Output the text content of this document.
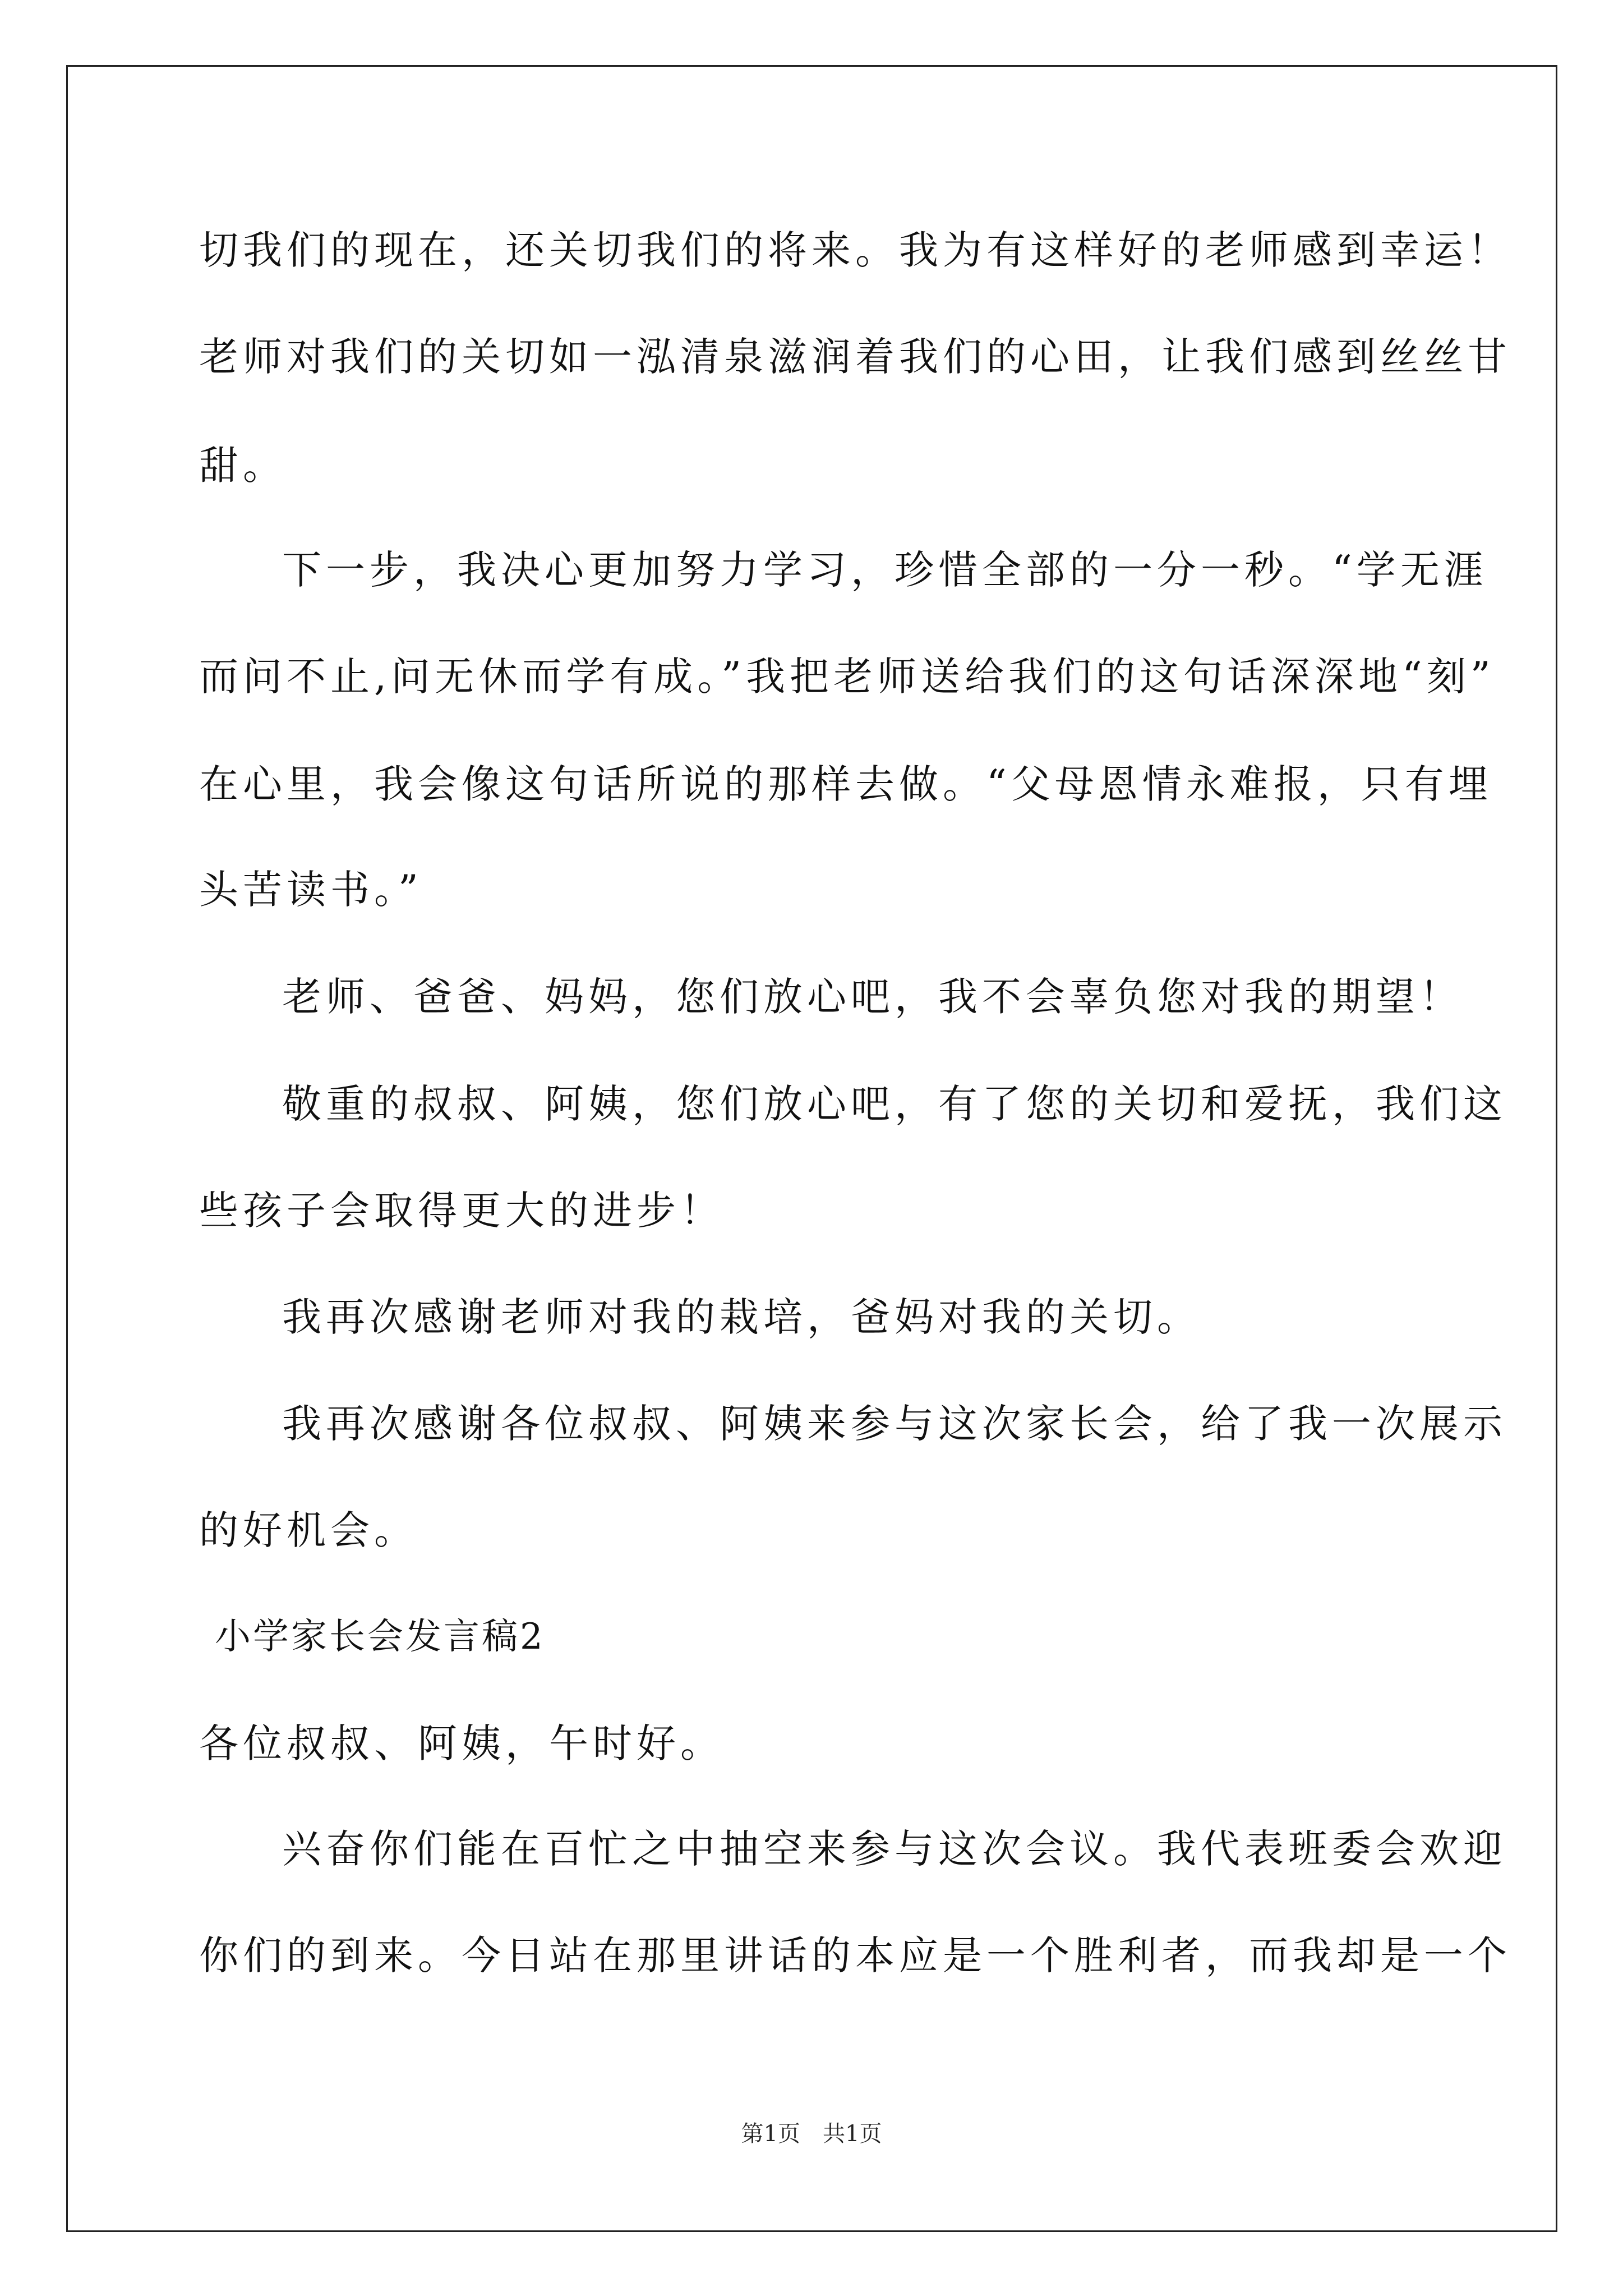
切我们的现在，还关切我们的将来。我为有这样好的老师感到幸运！
老师对我们的关切如一泓清泉滋润着我们的心田，让我们感到丝丝甘
甜。
下一步，我决心更加努力学习，珍惜全部的一分一秒。“学无涯
而问不止,问无休而学有成。”我把老师送给我们的这句话深深地“刻”
在心里，我会像这句话所说的那样去做。“父母恩情永难报，只有埋
头苦读书。”
老师、爸爸、妈妈，您们放心吧，我不会辜负您对我的期望！
敬重的叔叔、阿姨，您们放心吧，有了您的关切和爱抚，我们这
些孩子会取得更大的进步！
我再次感谢老师对我的栽培，爸妈对我的关切。
我再次感谢各位叔叔、阿姨来参与这次家长会，给了我一次展示
的好机会。
小学家长会发言稿2
各位叔叔、阿姨，午时好。
兴奋你们能在百忙之中抽空来参与这次会议。我代表班委会欢迎
你们的到来。今日站在那里讲话的本应是一个胜利者，而我却是一个
第1页　共1页
